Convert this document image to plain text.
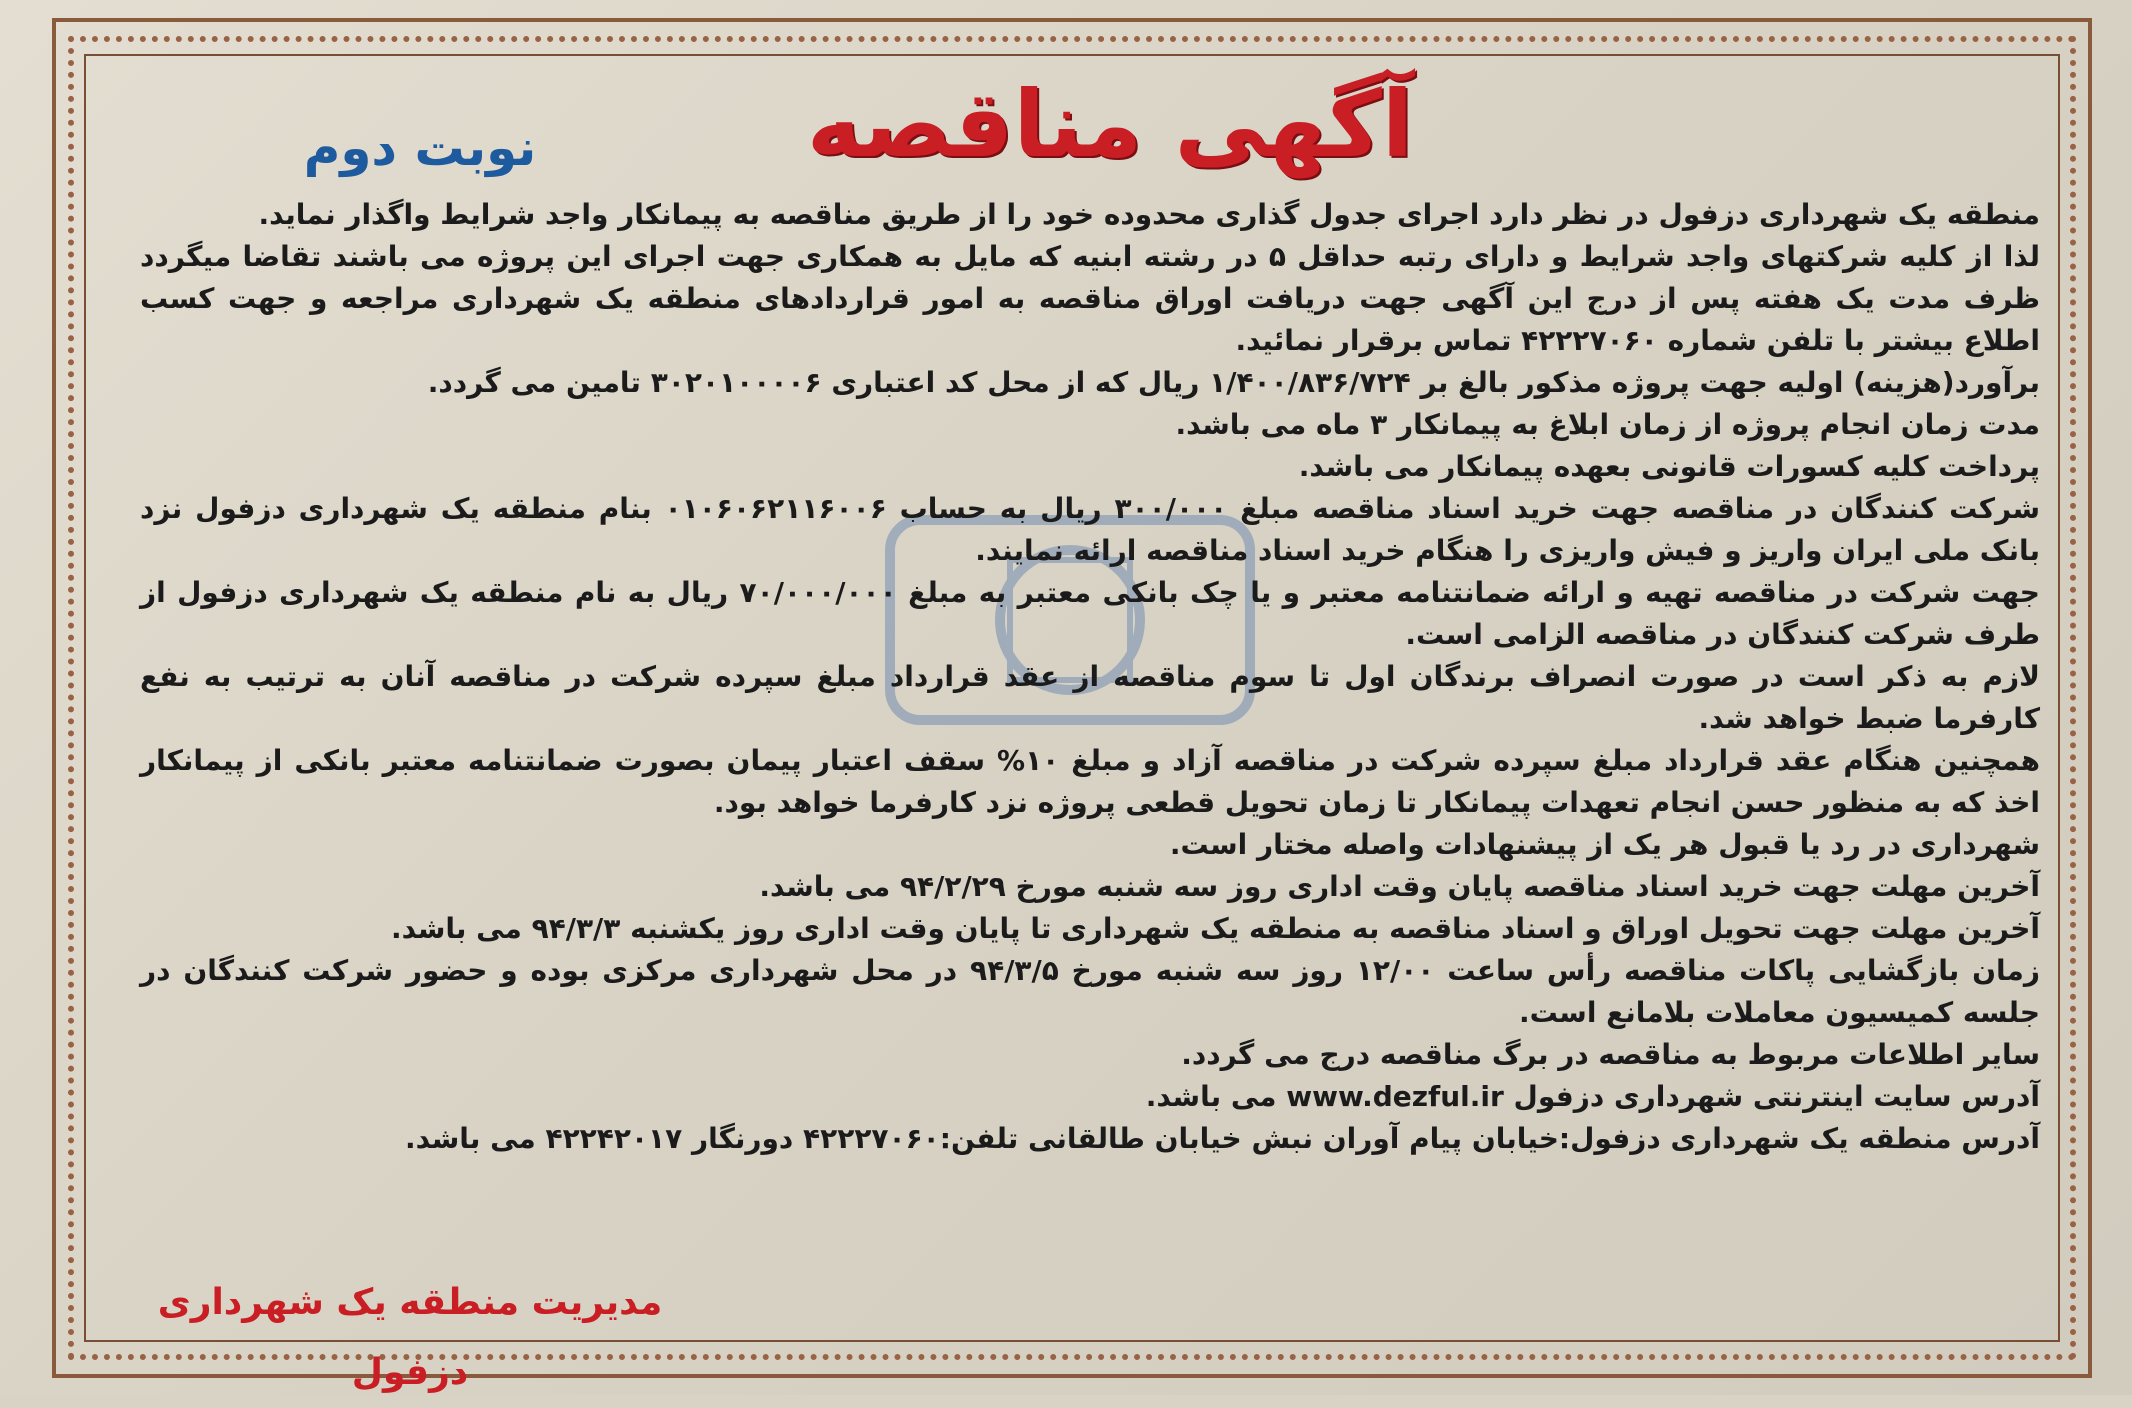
آگهی مناقصه
نوبت دوم

منطقه یک شهرداری دزفول در نظر دارد اجرای جدول گذاری محدوده خود را از طریق مناقصه به پیمانکار واجد شرایط واگذار نماید.

لذا از کلیه شرکتهای واجد شرایط و دارای رتبه حداقل ۵ در رشته ابنیه که مایل به همکاری جهت اجرای این پروژه می باشند تقاضا میگردد ظرف مدت یک هفته پس از درج این آگهی جهت دریافت اوراق مناقصه به امور قراردادهای منطقه یک شهرداری مراجعه و جهت کسب اطلاع بیشتر با تلفن شماره ۴۲۲۲۷۰۶۰ تماس برقرار نمائید.

برآورد(هزینه) اولیه جهت پروژه مذکور بالغ بر ۱/۴۰۰/۸۳۶/۷۲۴ ریال که از محل کد اعتباری ۳۰۲۰۱۰۰۰۰۶ تامین می گردد.

مدت زمان انجام پروژه از زمان ابلاغ به پیمانکار ۳ ماه می باشد.

پرداخت کلیه کسورات قانونی بعهده پیمانکار می باشد.

شرکت کنندگان در مناقصه جهت خرید اسناد مناقصه مبلغ ۳۰۰/۰۰۰ ریال به حساب ۰۱۰۶۰۶۲۱۱۶۰۰۶ بنام منطقه یک شهرداری دزفول نزد بانک ملی ایران واریز و فیش واریزی را هنگام خرید اسناد مناقصه ارائه نمایند.

جهت شرکت در مناقصه تهیه و ارائه ضمانتنامه معتبر و یا چک بانکی معتبر به مبلغ ۷۰/۰۰۰/۰۰۰ ریال به نام منطقه یک شهرداری دزفول از طرف شرکت کنندگان در مناقصه الزامی است.

لازم به ذکر است در صورت انصراف برندگان اول تا سوم مناقصه از عقد قرارداد مبلغ سپرده شرکت در مناقصه آنان به ترتیب به نفع کارفرما ضبط خواهد شد.

همچنین هنگام عقد قرارداد مبلغ سپرده شرکت در مناقصه آزاد و مبلغ ۱۰% سقف اعتبار پیمان بصورت ضمانتنامه معتبر بانکی از پیمانکار اخذ که به منظور حسن انجام تعهدات پیمانکار تا زمان تحویل قطعی پروژه نزد کارفرما خواهد بود.

شهرداری در رد یا قبول هر یک از پیشنهادات واصله مختار است.

آخرین مهلت جهت خرید اسناد مناقصه پایان وقت اداری روز سه شنبه مورخ ۹۴/۲/۲۹ می باشد.

آخرین مهلت جهت تحویل اوراق و اسناد مناقصه به منطقه یک شهرداری تا پایان وقت اداری روز یکشنبه ۹۴/۳/۳ می باشد.

زمان بازگشایی پاکات مناقصه رأس ساعت ۱۲/۰۰ روز سه شنبه مورخ ۹۴/۳/۵ در محل شهرداری مرکزی بوده و حضور شرکت کنندگان در جلسه کمیسیون معاملات بلامانع است.

سایر اطلاعات مربوط به مناقصه در برگ مناقصه درج می گردد.

آدرس سایت اینترنتی شهرداری دزفول www.dezful.ir می باشد.

آدرس منطقه یک شهرداری دزفول:خیابان پیام آوران نبش خیابان طالقانی تلفن:۴۲۲۲۷۰۶۰ دورنگار ۴۲۲۴۲۰۱۷ می باشد.

مدیریت منطقه یک شهرداری دزفول
